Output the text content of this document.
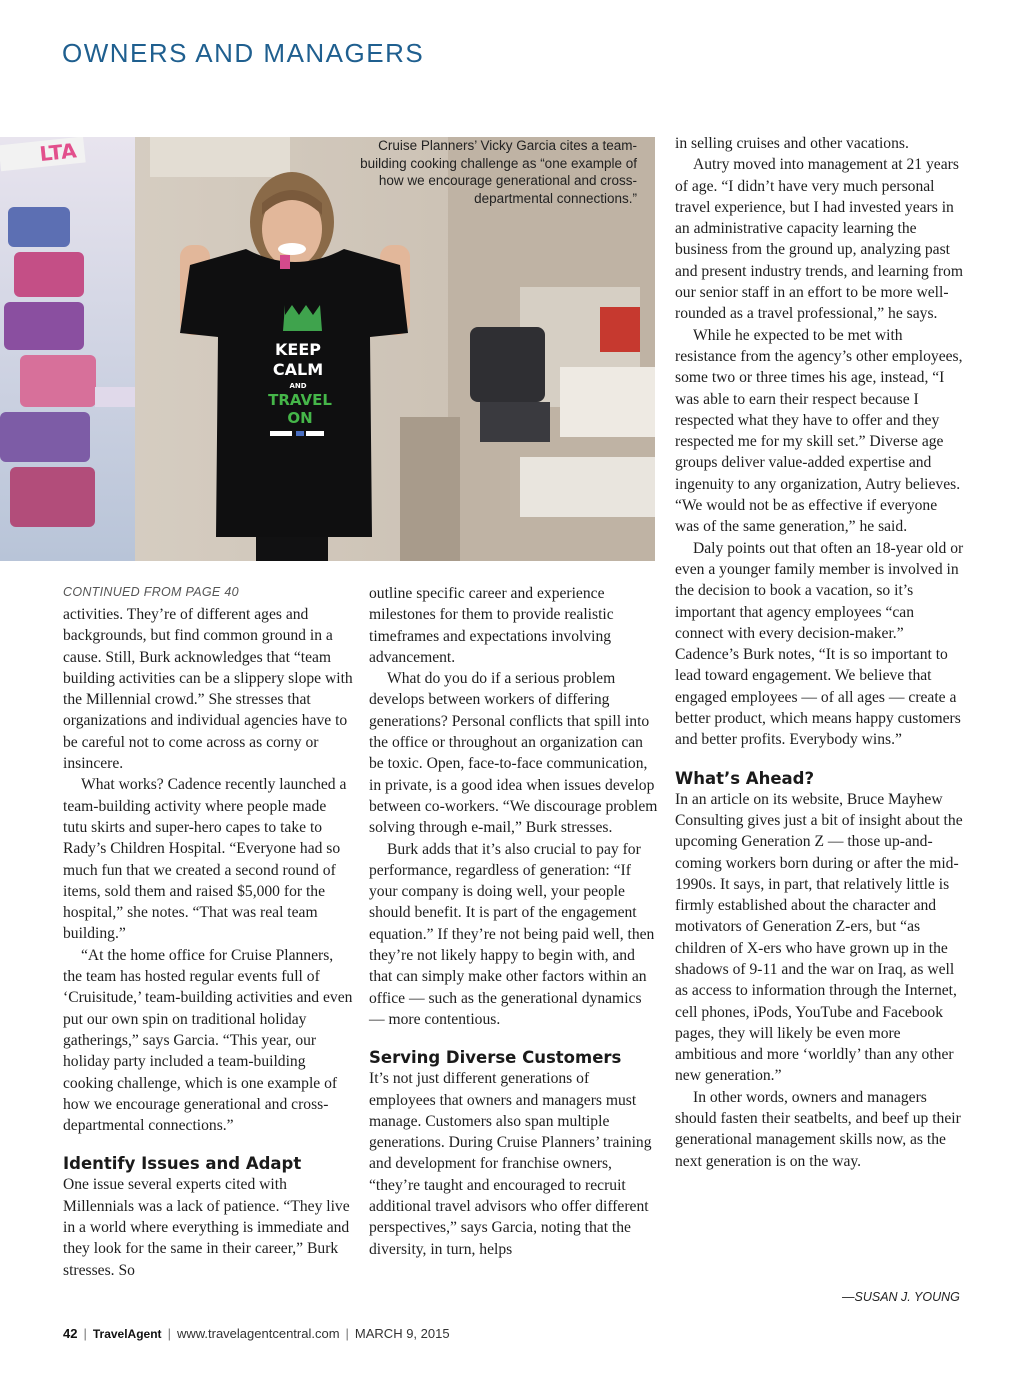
OWNERS AND MANAGERS
LTA
KEEP
CALM
AND
TRAVEL
ON
Cruise Planners’ Vicky Garcia cites a team-building cooking challenge as “one example of how we encourage generational and cross-departmental connections.”
CONTINUED FROM PAGE 40

activities. They’re of different ages and backgrounds, but find common ground in a cause. Still, Burk acknowledges that “team building activities can be a slippery slope with the Millennial crowd.” She stresses that organizations and individual agencies have to be careful not to come across as corny or insincere.

What works? Cadence recently launched a team-building activity where people made tutu skirts and super-hero capes to take to Rady’s Children Hospital. “Everyone had so much fun that we created a second round of items, sold them and raised $5,000 for the hospital,” she notes. “That was real team building.”

“At the home office for Cruise Planners, the team has hosted regular events full of ‘Cruisitude,’ team-building activities and even put our own spin on traditional holiday gatherings,” says Garcia. “This year, our holiday party included a team-building cooking challenge, which is one example of how we encourage generational and cross-departmental connections.”

Identify Issues and Adapt

One issue several experts cited with Millennials was a lack of patience. “They live in a world where everything is immediate and they look for the same in their career,” Burk stresses. So

outline specific career and experience milestones for them to provide realistic timeframes and expectations involving advancement.

What do you do if a serious problem develops between workers of differing generations? Personal conflicts that spill into the office or throughout an organization can be toxic. Open, face-to-face communication, in private, is a good idea when issues develop between co-workers. “We discourage problem solving through e-mail,” Burk stresses.

Burk adds that it’s also crucial to pay for performance, regardless of generation: “If your company is doing well, your people should benefit. It is part of the engagement equation.” If they’re not being paid well, then they’re not likely happy to begin with, and that can simply make other factors within an office — such as the generational dynamics — more contentious.

Serving Diverse Customers

It’s not just different generations of employees that owners and managers must manage. Customers also span multiple generations. During Cruise Planners’ training and development for franchise owners, “they’re taught and encouraged to recruit additional travel advisors who offer different perspectives,” says Garcia, noting that the diversity, in turn, helps

in selling cruises and other vacations.

Autry moved into management at 21 years of age. “I didn’t have very much personal travel experience, but I had invested years in an administrative capacity learning the business from the ground up, analyzing past and present industry trends, and learning from our senior staff in an effort to be more well-rounded as a travel professional,” he says.

While he expected to be met with resistance from the agency’s other employees, some two or three times his age, instead, “I was able to earn their respect because I respected what they have to offer and they respected me for my skill set.” Diverse age groups deliver value-added expertise and ingenuity to any organization, Autry believes. “We would not be as effective if everyone was of the same generation,” he said.

Daly points out that often an 18-year old or even a younger family member is involved in the decision to book a vacation, so it’s important that agency employees “can connect with every decision-maker.” Cadence’s Burk notes, “It is so important to lead toward engagement. We believe that engaged employees — of all ages — create a better product, which means happy customers and better profits. Everybody wins.”

What’s Ahead?

In an article on its website, Bruce Mayhew Consulting gives just a bit of insight about the upcoming Generation Z — those up-and-coming workers born during or after the mid-1990s. It says, in part, that relatively little is firmly established about the character and motivators of Generation Z-ers, but “as children of X-ers who have grown up in the shadows of 9-11 and the war on Iraq, as well as access to information through the Internet, cell phones, iPods, YouTube and Facebook pages, they will likely be even more ambitious and more ‘worldly’ than any other new generation.”

In other words, owners and managers should fasten their seatbelts, and beef up their generational management skills now, as the next generation is on the way.

—SUSAN J. YOUNG
42 | TravelAgent | www.travelagentcentral.com | MARCH 9, 2015
